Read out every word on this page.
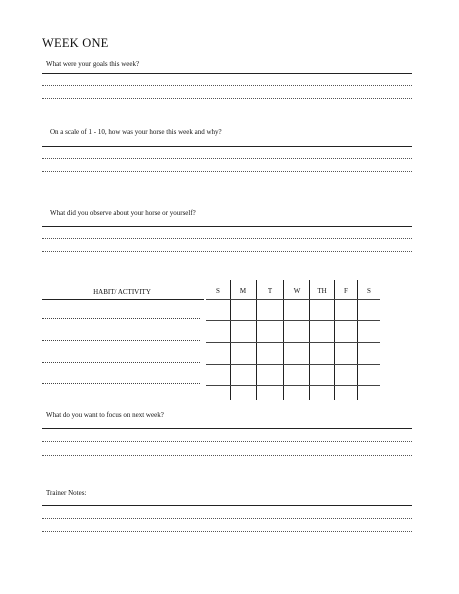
WEEK ONE
What were your goals this week?
On a scale of 1 - 10, how was your horse this week and why?
What did you observe about your horse or yourself?
HABIT/ ACTIVITY	S	M	T	W	TH	F	S
What do you want to focus on next week?
Trainer Notes:
